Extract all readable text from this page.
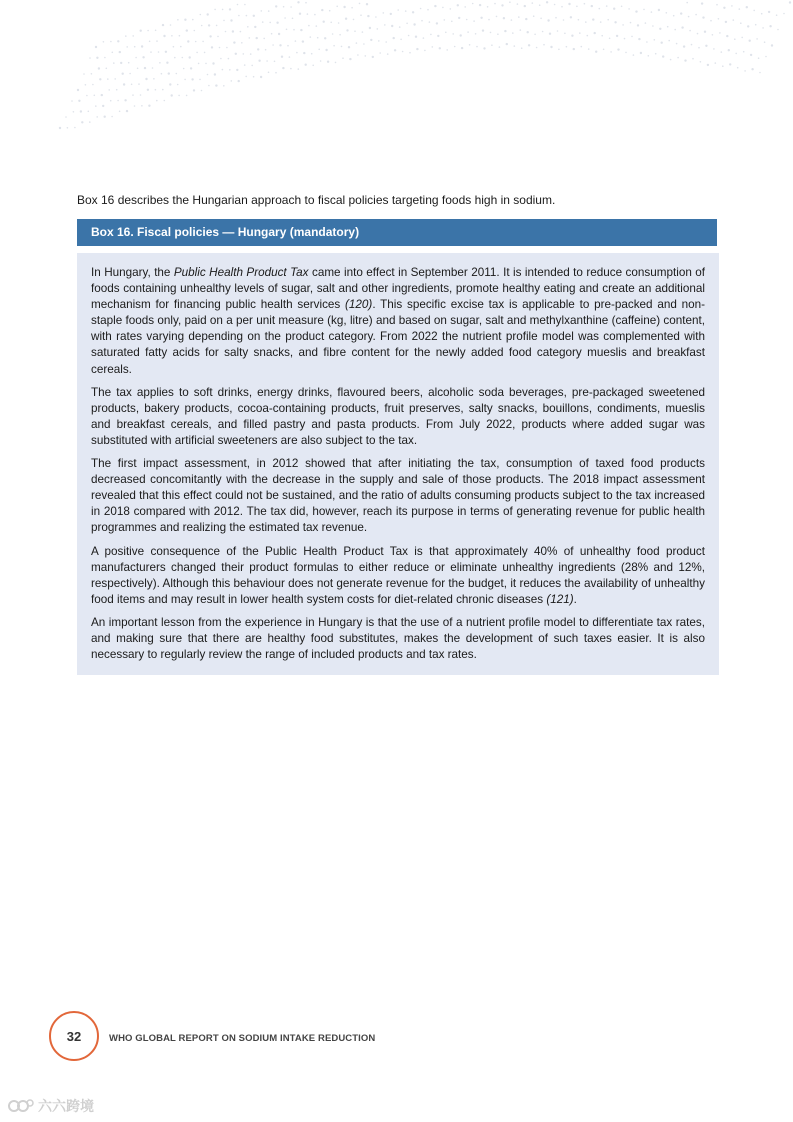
Box 16 describes the Hungarian approach to fiscal policies targeting foods high in sodium.

Box 16. Fiscal policies — Hungary (mandatory)

In Hungary, the Public Health Product Tax came into effect in September 2011. It is intended to reduce consumption of foods containing unhealthy levels of sugar, salt and other ingredients, promote healthy eating and create an additional mechanism for financing public health services (120). This specific excise tax is applicable to pre-packed and non-staple foods only, paid on a per unit measure (kg, litre) and based on sugar, salt and methylxanthine (caffeine) content, with rates varying depending on the product category. From 2022 the nutrient profile model was complemented with saturated fatty acids for salty snacks, and fibre content for the newly added food category mueslis and breakfast cereals.

The tax applies to soft drinks, energy drinks, flavoured beers, alcoholic soda beverages, pre-packaged sweetened products, bakery products, cocoa-containing products, fruit preserves, salty snacks, bouillons, condiments, mueslis and breakfast cereals, and filled pastry and pasta products. From July 2022, products where added sugar was substituted with artificial sweeteners are also subject to the tax.

The first impact assessment, in 2012 showed that after initiating the tax, consumption of taxed food products decreased concomitantly with the decrease in the supply and sale of those products. The 2018 impact assessment revealed that this effect could not be sustained, and the ratio of adults consuming products subject to the tax increased in 2018 compared with 2012. The tax did, however, reach its purpose in terms of generating revenue for public health programmes and realizing the estimated tax revenue.

A positive consequence of the Public Health Product Tax is that approximately 40% of unhealthy food product manufacturers changed their product formulas to either reduce or eliminate unhealthy ingredients (28% and 12%, respectively). Although this behaviour does not generate revenue for the budget, it reduces the availability of unhealthy food items and may result in lower health system costs for diet-related chronic diseases (121).

An important lesson from the experience in Hungary is that the use of a nutrient profile model to differentiate tax rates, and making sure that there are healthy food substitutes, makes the development of such taxes easier. It is also necessary to regularly review the range of included products and tax rates.

32	WHO GLOBAL REPORT ON SODIUM INTAKE REDUCTION
六六跨境
